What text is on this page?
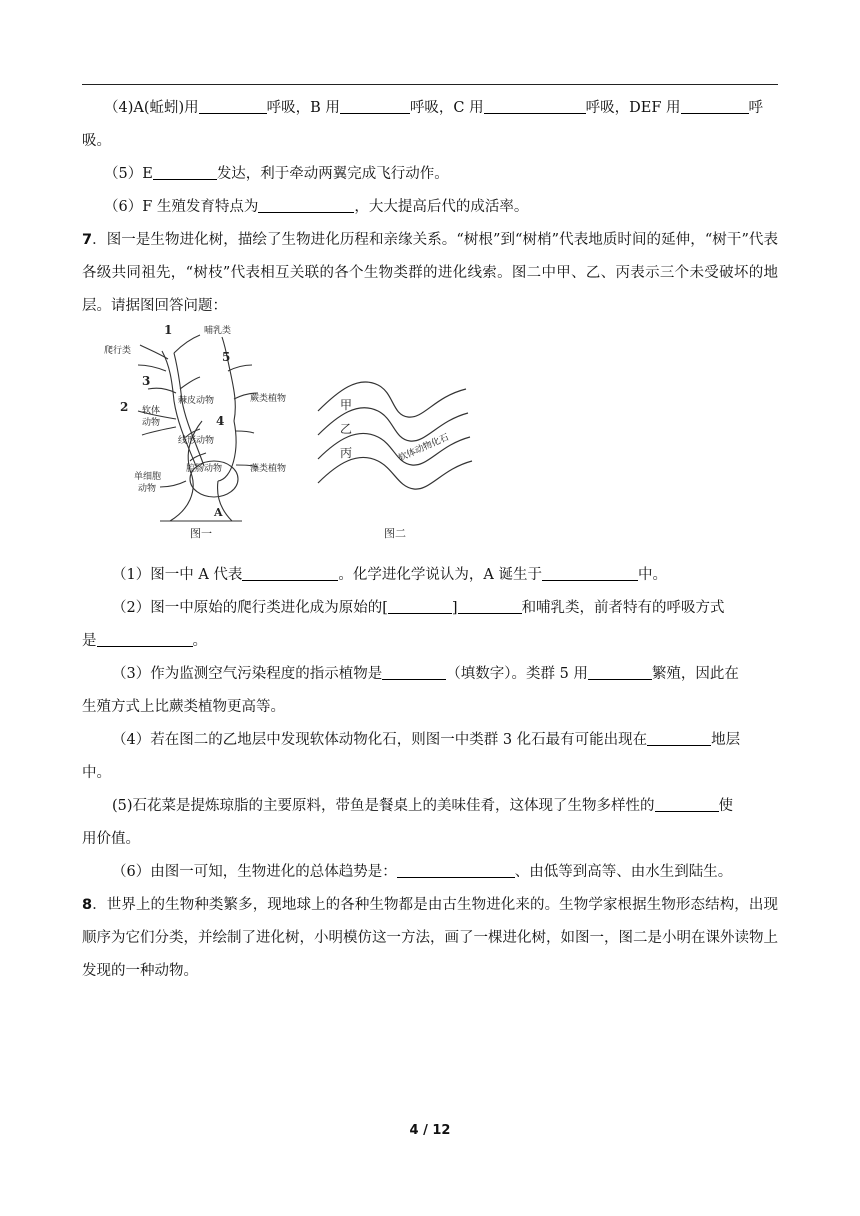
（4)A(蚯蚓)用	呼吸，B 用	呼吸，C 用	呼吸，DEF 用	呼
吸。

（5）E	发达，利于牵动两翼完成飞行动作。

（6）F 生殖发育特点为	，大大提高后代的成活率。

7．图一是生物进化树，描绘了生物进化历程和亲缘关系。“树根”到“树梢”代表地质时间的延伸，“树干”代表各级共同祖先，“树枝”代表相互关联的各个生物类群的进化线索。图二中甲、乙、丙表示三个未受破坏的地层。请据图回答问题：

1
爬行类
哺乳类
3
2 软体
动物
棘皮动物
线形动物
腔肠动物
单细胞
动物
5
蕨类植物
4
藻类植物
A
图一
甲
乙
丙	软体动物化石
图二

（1）图一中 A 代表	。化学进化学说认为，A 诞生于	中。

（2）图一中原始的爬行类进化成为原始的[	]	和哺乳类，前者特有的呼吸方式
是	。

（3）作为监测空气污染程度的指示植物是	（填数字）。类群 5 用	繁殖，因此在
生殖方式上比蕨类植物更高等。

（4）若在图二的乙地层中发现软体动物化石，则图一中类群 3 化石最有可能出现在	地层
中。

(5)石花菜是提炼琼脂的主要原料，带鱼是餐桌上的美味佳肴，这体现了生物多样性的	使
用价值。

（6）由图一可知，生物进化的总体趋势是：	、由低等到高等、由水生到陆生。

8．世界上的生物种类繁多，现地球上的各种生物都是由古生物进化来的。生物学家根据生物形态结构，出现顺序为它们分类，并绘制了进化树，小明模仿这一方法，画了一棵进化树，如图一，图二是小明在课外读物上发现的一种动物。

4 / 12
